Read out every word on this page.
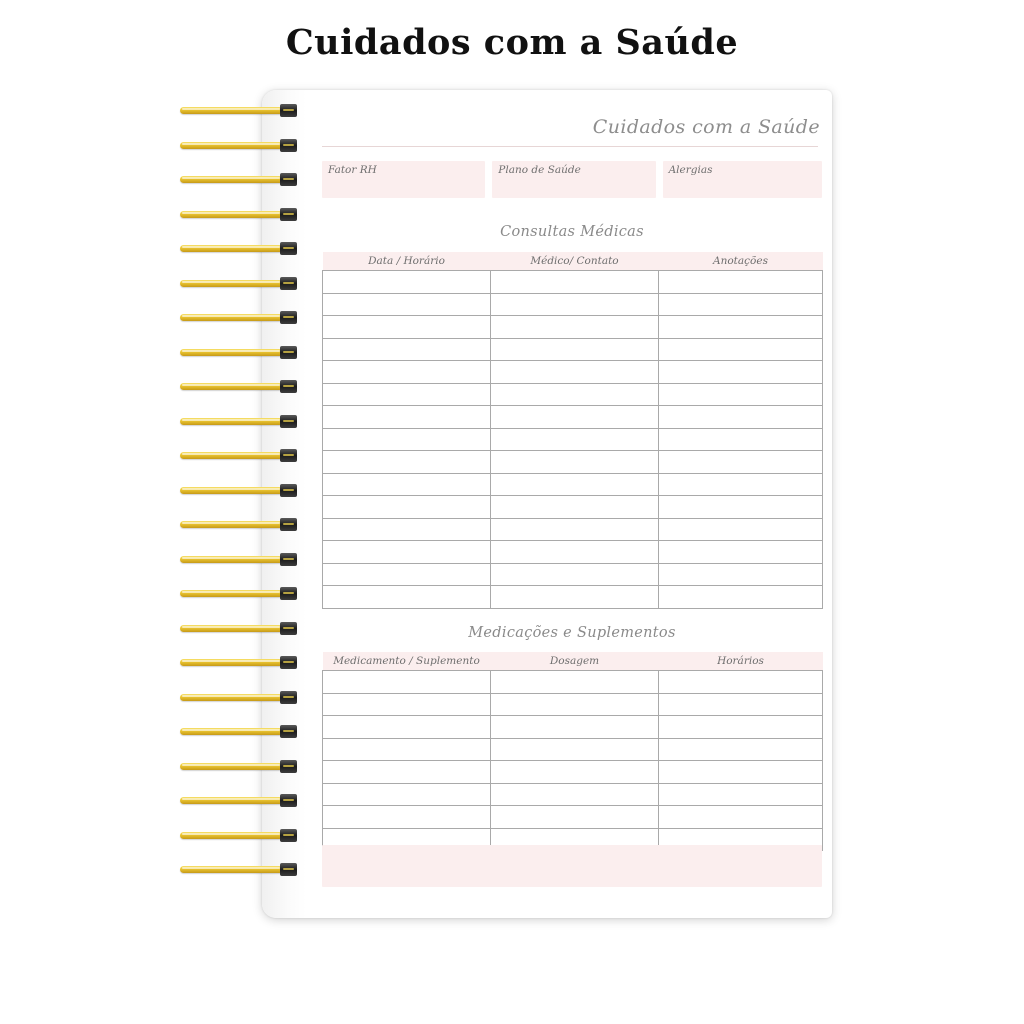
Cuidados com a Saúde
Cuidados com a Saúde
Fator RH	Plano de Saúde	Alergias
Consultas Médicas
Data / Horário	Médico/ Contato	Anotações

Medicações e Suplementos
Medicamento / Suplemento	Dosagem	Horários
